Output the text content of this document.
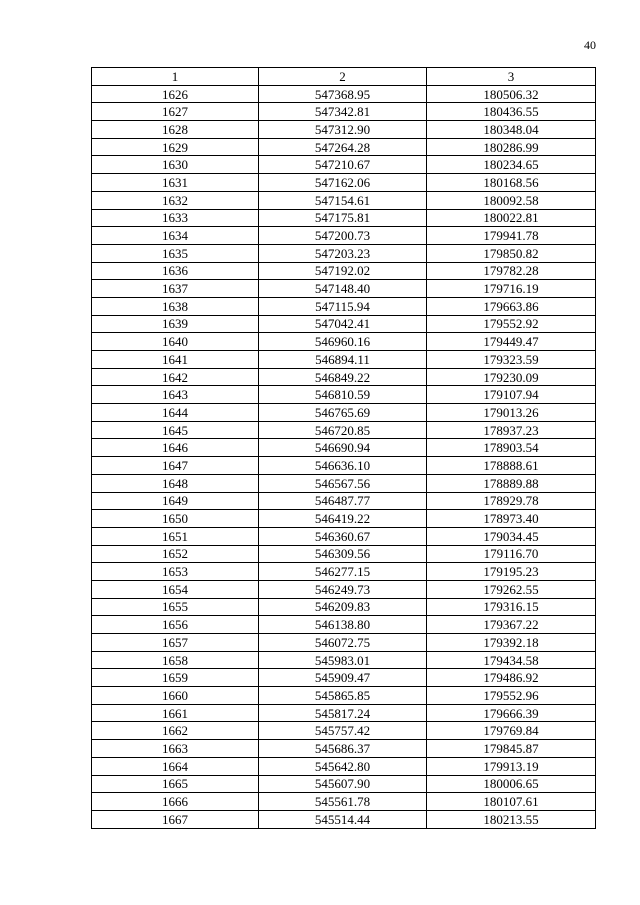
40
1	2	3
1626	547368.95	180506.32
1627	547342.81	180436.55
1628	547312.90	180348.04
1629	547264.28	180286.99
1630	547210.67	180234.65
1631	547162.06	180168.56
1632	547154.61	180092.58
1633	547175.81	180022.81
1634	547200.73	179941.78
1635	547203.23	179850.82
1636	547192.02	179782.28
1637	547148.40	179716.19
1638	547115.94	179663.86
1639	547042.41	179552.92
1640	546960.16	179449.47
1641	546894.11	179323.59
1642	546849.22	179230.09
1643	546810.59	179107.94
1644	546765.69	179013.26
1645	546720.85	178937.23
1646	546690.94	178903.54
1647	546636.10	178888.61
1648	546567.56	178889.88
1649	546487.77	178929.78
1650	546419.22	178973.40
1651	546360.67	179034.45
1652	546309.56	179116.70
1653	546277.15	179195.23
1654	546249.73	179262.55
1655	546209.83	179316.15
1656	546138.80	179367.22
1657	546072.75	179392.18
1658	545983.01	179434.58
1659	545909.47	179486.92
1660	545865.85	179552.96
1661	545817.24	179666.39
1662	545757.42	179769.84
1663	545686.37	179845.87
1664	545642.80	179913.19
1665	545607.90	180006.65
1666	545561.78	180107.61
1667	545514.44	180213.55
